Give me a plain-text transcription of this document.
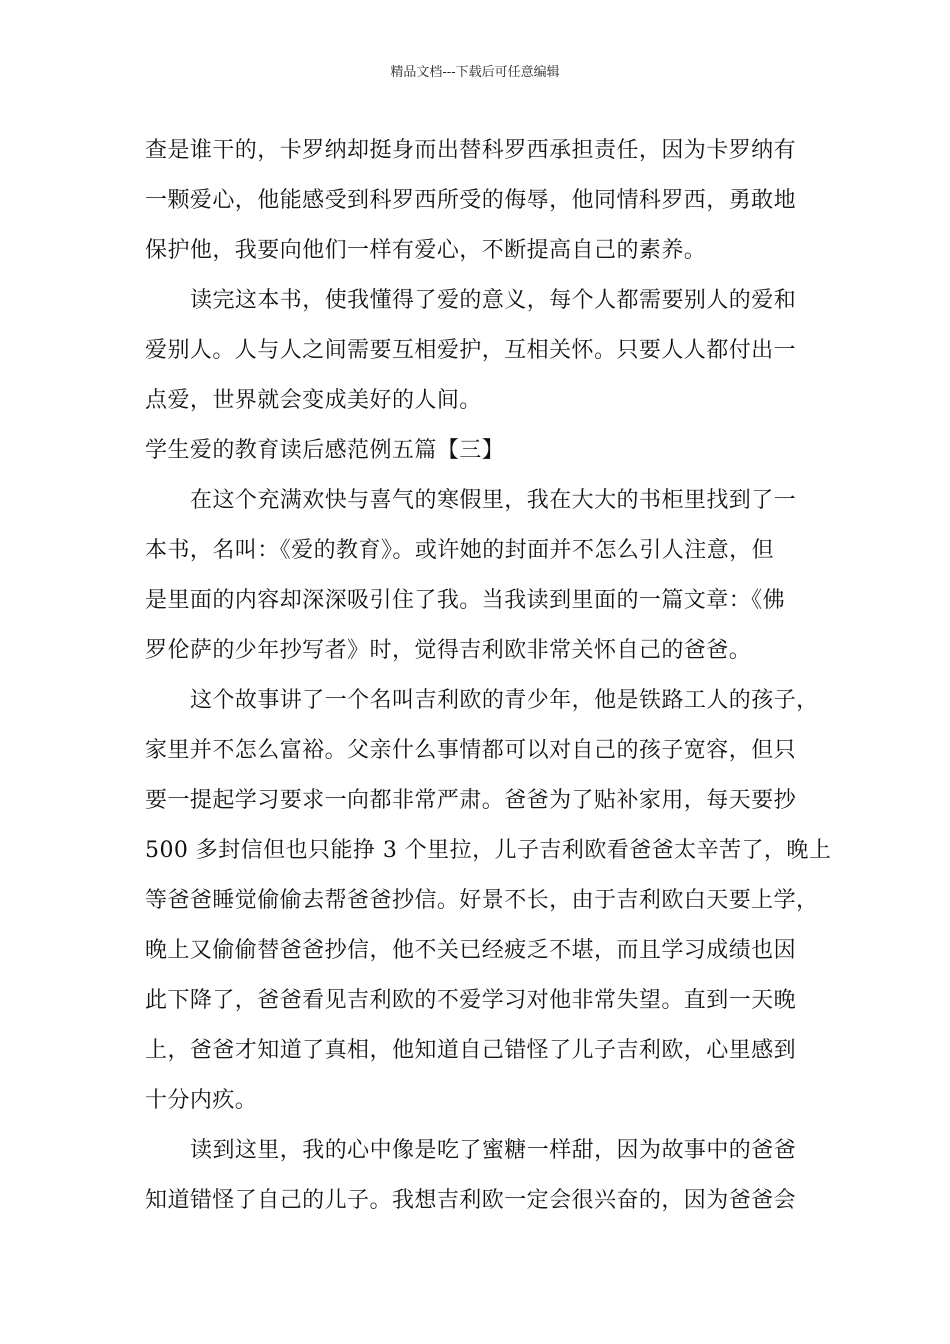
精品文档---下载后可任意编辑
查是谁干的，卡罗纳却挺身而出替科罗西承担责任，因为卡罗纳有
一颗爱心，他能感受到科罗西所受的侮辱，他同情科罗西，勇敢地
保护他，我要向他们一样有爱心，不断提高自己的素养。
读完这本书，使我懂得了爱的意义，每个人都需要别人的爱和
爱别人。人与人之间需要互相爱护，互相关怀。只要人人都付出一
点爱，世界就会变成美好的人间。
学生爱的教育读后感范例五篇【三】
在这个充满欢快与喜气的寒假里，我在大大的书柜里找到了一
本书，名叫：《爱的教育》。或许她的封面并不怎么引人注意，但
是里面的内容却深深吸引住了我。当我读到里面的一篇文章：《佛
罗伦萨的少年抄写者》时，觉得吉利欧非常关怀自己的爸爸。
这个故事讲了一个名叫吉利欧的青少年，他是铁路工人的孩子，
家里并不怎么富裕。父亲什么事情都可以对自己的孩子宽容，但只
要一提起学习要求一向都非常严肃。爸爸为了贴补家用，每天要抄
500 多封信但也只能挣 3 个里拉，儿子吉利欧看爸爸太辛苦了，晚上
等爸爸睡觉偷偷去帮爸爸抄信。好景不长，由于吉利欧白天要上学，
晚上又偷偷替爸爸抄信，他不关已经疲乏不堪，而且学习成绩也因
此下降了，爸爸看见吉利欧的不爱学习对他非常失望。直到一天晚
上，爸爸才知道了真相，他知道自己错怪了儿子吉利欧，心里感到
十分内疚。
读到这里，我的心中像是吃了蜜糖一样甜，因为故事中的爸爸
知道错怪了自己的儿子。我想吉利欧一定会很兴奋的，因为爸爸会
